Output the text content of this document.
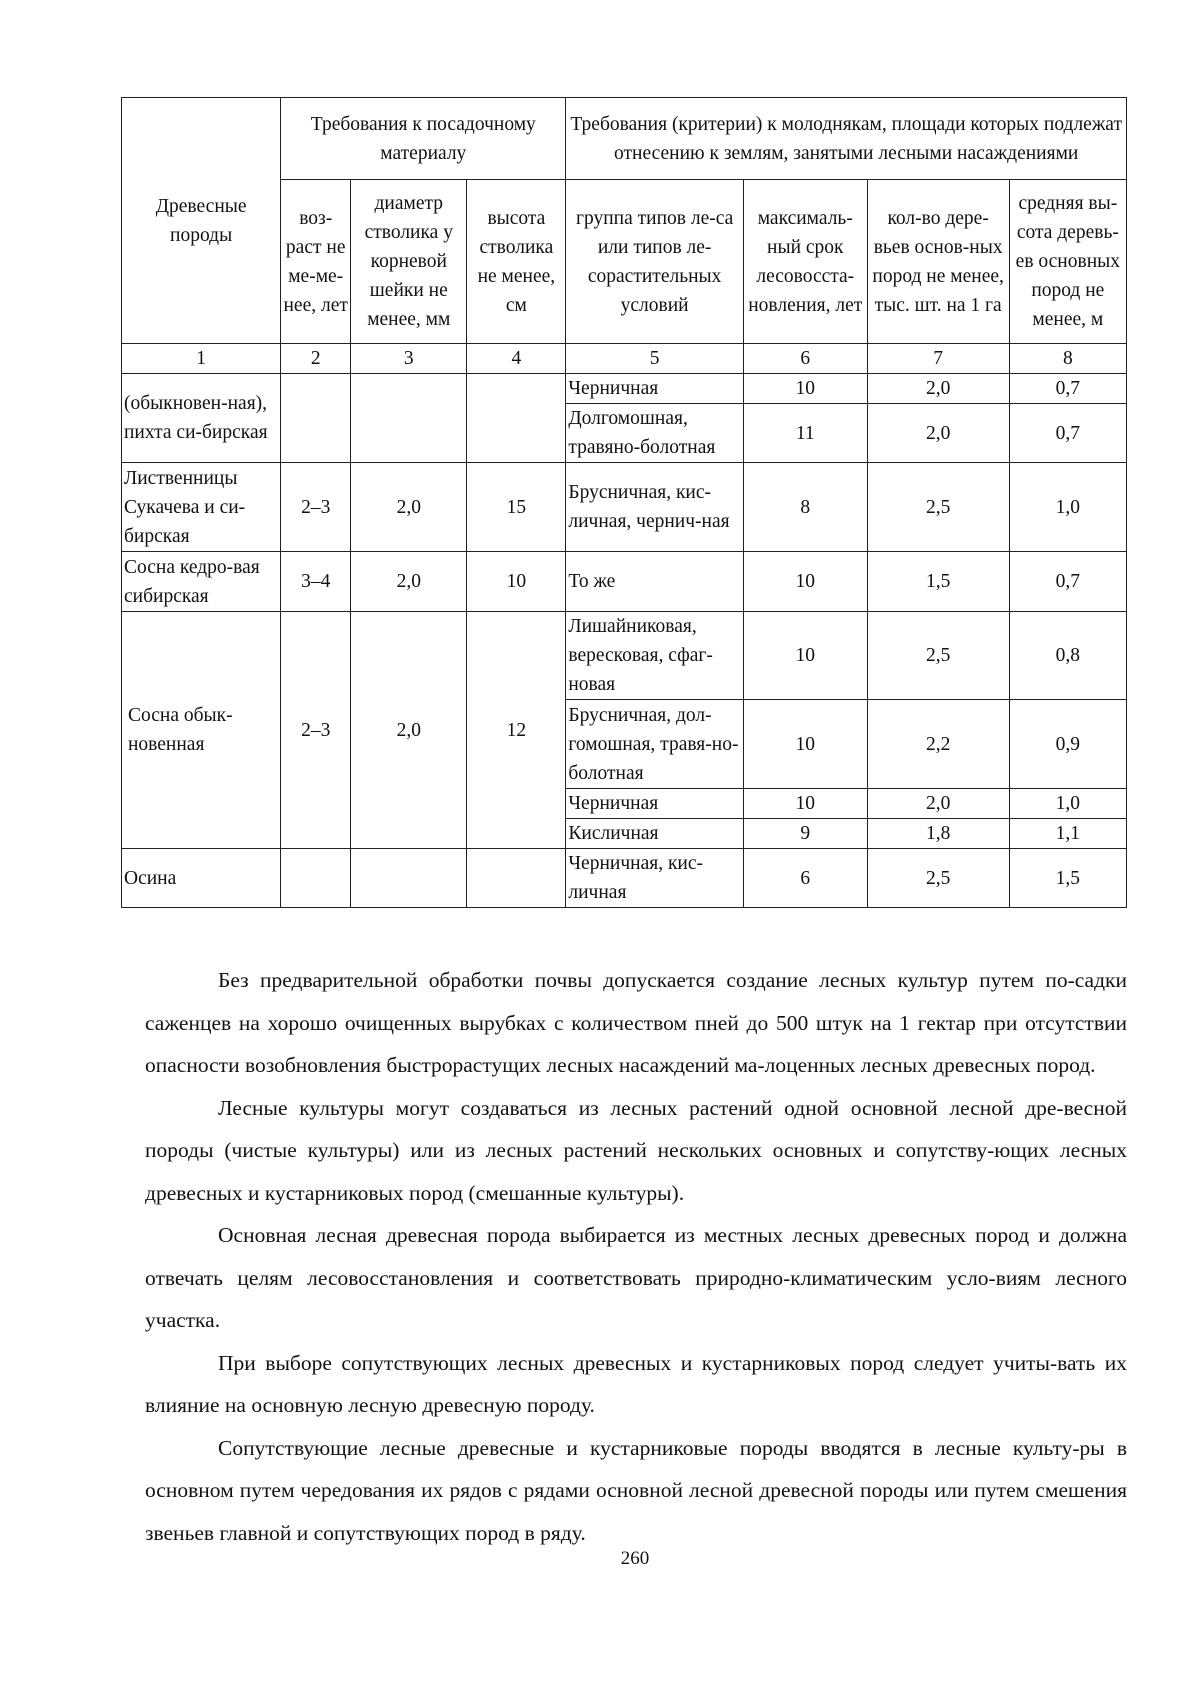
Древесные породы	Требования к посадочному материалу			Требования (критерии) к молоднякам, площади которых подлежат отнесению к землям, занятыми лесными насаждениями			
	воз-раст не ме-ме-нее, лет	диаметр стволика у корневой шейки не менее, мм	высота стволика не менее, см	группа типов ле-са или типов ле-сорастительных условий	максималь-ный срок лесовосста-новления, лет	кол-во дере-вьев основ-ных пород не менее, тыс. шт. на 1 га	средняя вы-сота деревь-ев основных пород не менее, м
1	2	3	4	5	6	7	8
(обыкновен-ная), пихта си-бирская				Черничная	10	2,0	0,7
				Долгомошная, травяно-болотная	11	2,0	0,7
Лиственницы Сукачева и си-бирская	2–3	2,0	15	Брусничная, кис-личная, чернич-ная	8	2,5	1,0
Сосна кедро-вая сибирская	3–4	2,0	10	То же	10	1,5	0,7
Сосна обык-новенная	2–3	2,0	12	Лишайниковая, вересковая, сфаг-новая	10	2,5	0,8
				Брусничная, дол-гомошная, травя-но-болотная	10	2,2	0,9
				Черничная	10	2,0	1,0
				Кисличная	9	1,8	1,1
Осина				Черничная, кис-личная	6	2,5	1,5

Без предварительной обработки почвы допускается создание лесных культур путем по-садки саженцев на хорошо очищенных вырубках с количеством пней до 500 штук на 1 гектар при отсутствии опасности возобновления быстрорастущих лесных насаждений ма-лоценных лесных древесных пород.

Лесные культуры могут создаваться из лесных растений одной основной лесной дре-весной породы (чистые культуры) или из лесных растений нескольких основных и сопутству-ющих лесных древесных и кустарниковых пород (смешанные культуры).

Основная лесная древесная порода выбирается из местных лесных древесных пород и должна отвечать целям лесовосстановления и соответствовать природно-климатическим усло-виям лесного участка.

При выборе сопутствующих лесных древесных и кустарниковых пород следует учиты-вать их влияние на основную лесную древесную породу.

Сопутствующие лесные древесные и кустарниковые породы вводятся в лесные культу-ры в основном путем чередования их рядов с рядами основной лесной древесной породы или путем смешения звеньев главной и сопутствующих пород в ряду.

260
